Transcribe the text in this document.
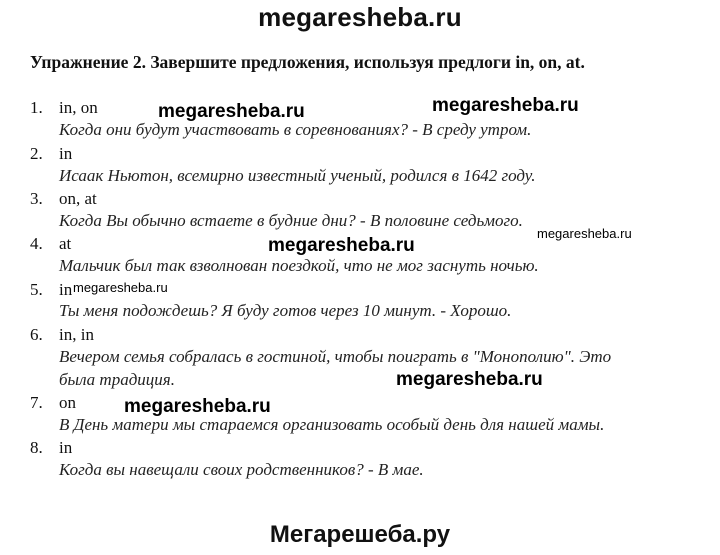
megaresheba.ru
Упражнение 2. Завершите предложения, используя предлоги in, on, at.
1. in, on
Когда они будут участвовать в соревнованиях? - В среду утром.
2. in
Исаак Ньютон, всемирно известный ученый, родился в 1642 году.
3. on, at
Когда Вы обычно встаете в будние дни? - В половине седьмого.
4. at
Мальчик был так взволнован поездкой, что не мог заснуть ночью.
5. in
Ты меня подождешь? Я буду готов через 10 минут. - Хорошо.
6. in, in
Вечером семья собралась в гостиной, чтобы поиграть в "Монополию". Это
была традиция.
7. on
В День матери мы стараемся организовать особый день для нашей мамы.
8. in
Когда вы навещали своих родственников? - В мае.
megaresheba.ru	megaresheba.ru
megaresheba.ru
megaresheba.ru
megaresheba.ru
megaresheba.ru
megaresheba.ru
Мегарешеба.ру
